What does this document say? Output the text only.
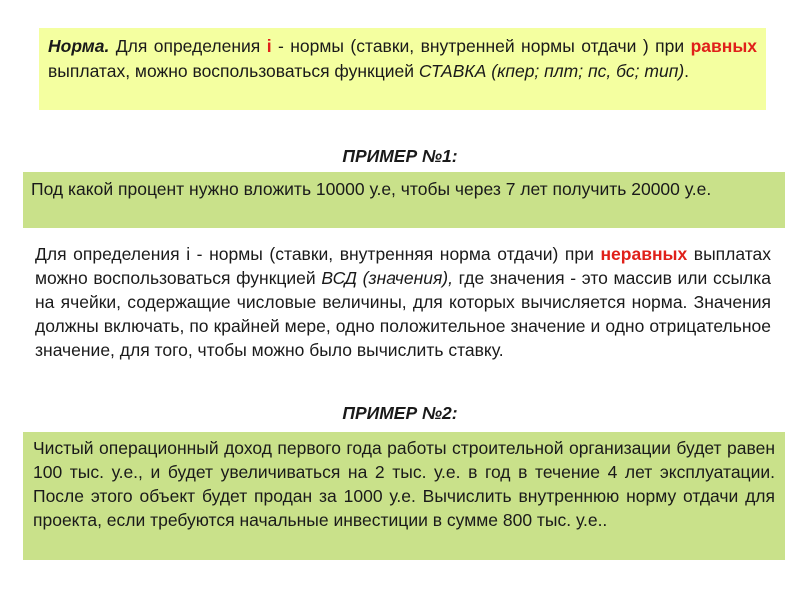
Норма. Для определения i - нормы (ставки, внутренней нормы отдачи ) при равных выплатах, можно воспользоваться функцией СТАВКА (кпер; плт; пс, бс; тип).
ПРИМЕР №1:
Под какой процент нужно вложить 10000 у.е, чтобы через 7 лет получить 20000 у.е.
Для определения i - нормы (ставки, внутренняя норма отдачи) при неравных выплатах можно воспользоваться функцией ВСД (значения), где значения - это массив или ссылка на ячейки, содержащие числовые величины, для которых вычисляется норма. Значения должны включать, по крайней мере, одно положительное значение и одно отрицательное значение, для того, чтобы можно было вычислить ставку.
ПРИМЕР №2:
Чистый операционный доход первого года работы строительной организации будет равен 100 тыс. у.е., и будет увеличиваться на 2 тыс. у.е. в год в течение 4 лет эксплуатации. После этого объект будет продан за 1000 у.е. Вычислить внутреннюю норму отдачи для проекта, если требуются начальные инвестиции в сумме 800 тыс. у.е..
